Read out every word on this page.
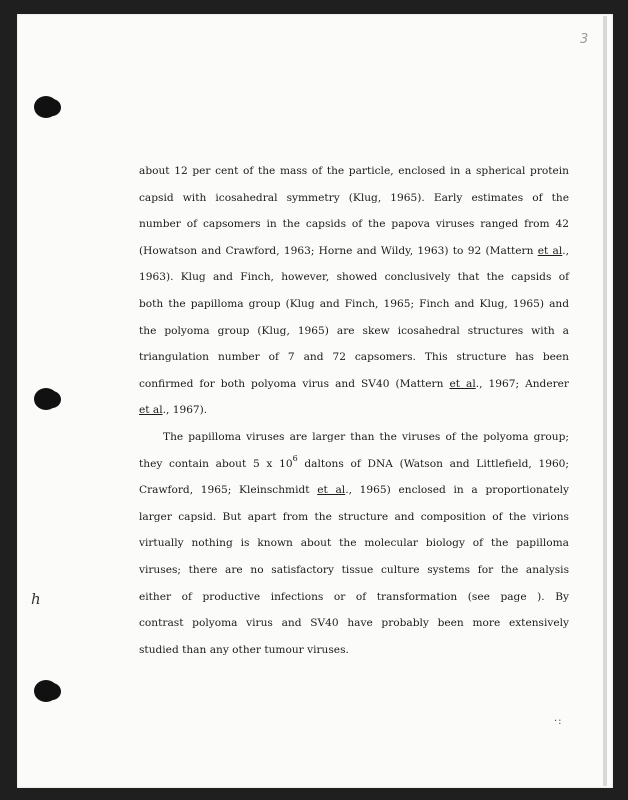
3
h
·:
about 12 per cent of the mass of the particle, enclosed in a spherical protein
capsid with icosahedral symmetry (Klug, 1965). Early estimates of the
number of capsomers in the capsids of the papova viruses ranged from 42
(Howatson and Crawford, 1963; Horne and Wildy, 1963) to 92 (Mattern et al.,
1963). Klug and Finch, however, showed conclusively that the capsids of
both the papilloma group (Klug and Finch, 1965; Finch and Klug, 1965) and
the polyoma group (Klug, 1965) are skew icosahedral structures with a
triangulation number of 7 and 72 capsomers. This structure has been
confirmed for both polyoma virus and SV40 (Mattern et al., 1967; Anderer
et al., 1967).
The papilloma viruses are larger than the viruses of the polyoma group;
they contain about 5 x $10^6$ daltons of DNA (Watson and Littlefield, 1960;
Crawford, 1965; Kleinschmidt et al., 1965) enclosed in a proportionately
larger capsid. But apart from the structure and composition of the virions
virtually nothing is known about the molecular biology of the papilloma
viruses; there are no satisfactory tissue culture systems for the analysis
either of productive infections or of transformation (see page ). By
contrast polyoma virus and SV40 have probably been more extensively
studied than any other tumour viruses.
